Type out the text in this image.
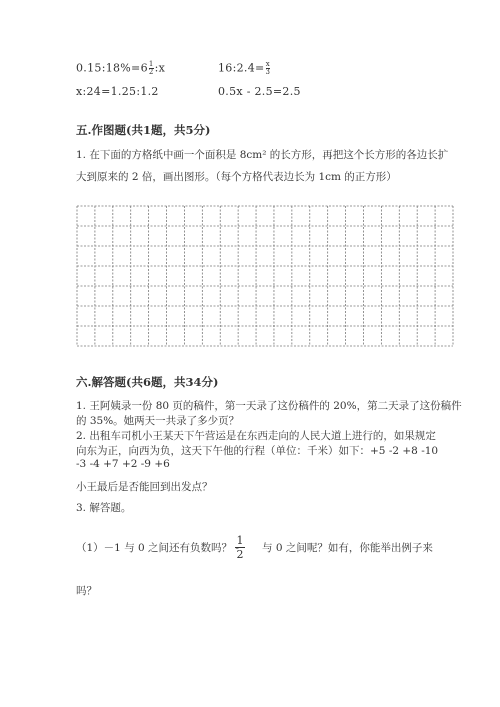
$0.15:18\%=6\frac{1}{2}$ :x	$16:2.4=\frac{x}{3}$
x:24=1.25:1.2	0.5x - 2.5=2.5
五.作图题(共1题，共5分)
1. 在下面的方格纸中画一个面积是 8cm² 的长方形，再把这个长方形的各边长扩
大到原来的 2 倍，画出图形。（每个方格代表边长为 1cm 的正方形）
六.解答题(共6题，共34分)
1. 王阿姨录一份 80 页的稿件，第一天录了这份稿件的 20%，第二天录了这份稿件
的 35%。她两天一共录了多少页？
2. 出租车司机小王某天下午营运是在东西走向的人民大道上进行的，如果规定
向东为正，向西为负，这天下午他的行程（单位：千米）如下：+5 -2 +8 -10
-3 -4 +7 +2 -9 +6
小王最后是否能回到出发点？
3. 解答题。
（1）－1 与 0 之间还有负数吗？ -
$\frac{1}{2}$ 与 0 之间呢？如有，你能举出例子来
吗？
